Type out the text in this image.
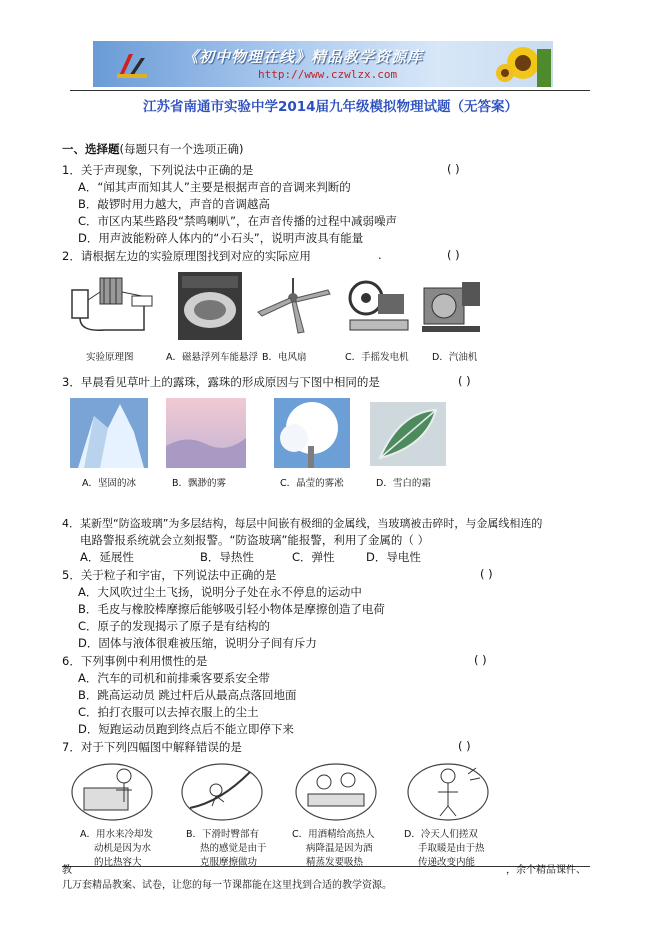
《初中物理在线》精品教学资源库
http://www.czwlzx.com
江苏省南通市实验中学2014届九年级模拟物理试题（无答案）
一、选择题(每题只有一个选项正确)
1．关于声现象，下列说法中正确的是	( )
A．“闻其声而知其人”主要是根据声音的音调来判断的
B．敲锣时用力越大，声音的音调越高
C．市区内某些路段“禁鸣喇叭”，在声音传播的过程中减弱噪声
D．用声波能粉碎人体内的“小石头”，说明声波具有能量
2．请根据左边的实验原理图找到对应的实际应用	.	( )
实验原理图	A．磁悬浮列车能悬浮 B．电风扇	C．手摇发电机 D．汽油机
3．早晨看见草叶上的露珠，露珠的形成原因与下图中相同的是	( )
A．坚固的冰	B．飘渺的雾	C．晶莹的雾凇	D．雪白的霜
4．某新型“防盗玻璃”为多层结构，每层中间嵌有极细的金属线，当玻璃被击碎时，与金属线相连的
电路警报系统就会立刻报警。“防盗玻璃”能报警，利用了金属的（ ）
A．延展性	B．导热性	C．弹性	D．导电性
5．关于粒子和宇宙，下列说法中正确的是	( )
A．大风吹过尘土飞扬，说明分子处在永不停息的运动中
B．毛皮与橡胶棒摩擦后能够吸引轻小物体是摩擦创造了电荷
C．原子的发现揭示了原子是有结构的
D．固体与液体很难被压缩，说明分子间有斥力
6．下列事例中利用惯性的是	( )
A．汽车的司机和前排乘客要系安全带
B．跳高运动员 跳过杆后从最高点落回地面
C．拍打衣服可以去掉衣服上的尘土
D．短跑运动员跑到终点后不能立即停下来
7．对于下列四幅图中解释错误的是	( )
A．用水来冷却发
动机是因为水
的比热容大
B．下滑时臀部有
热的感觉是由于
克服摩擦做功
C．用酒精给高热人
病降温是因为酒
精蒸发要吸热
D．冷天人们搓双
手取暖是由于热
传递改变内能
教	，余个精品课件、
几万套精品教案、试卷，让您的每一节课都能在这里找到合适的教学资源。
